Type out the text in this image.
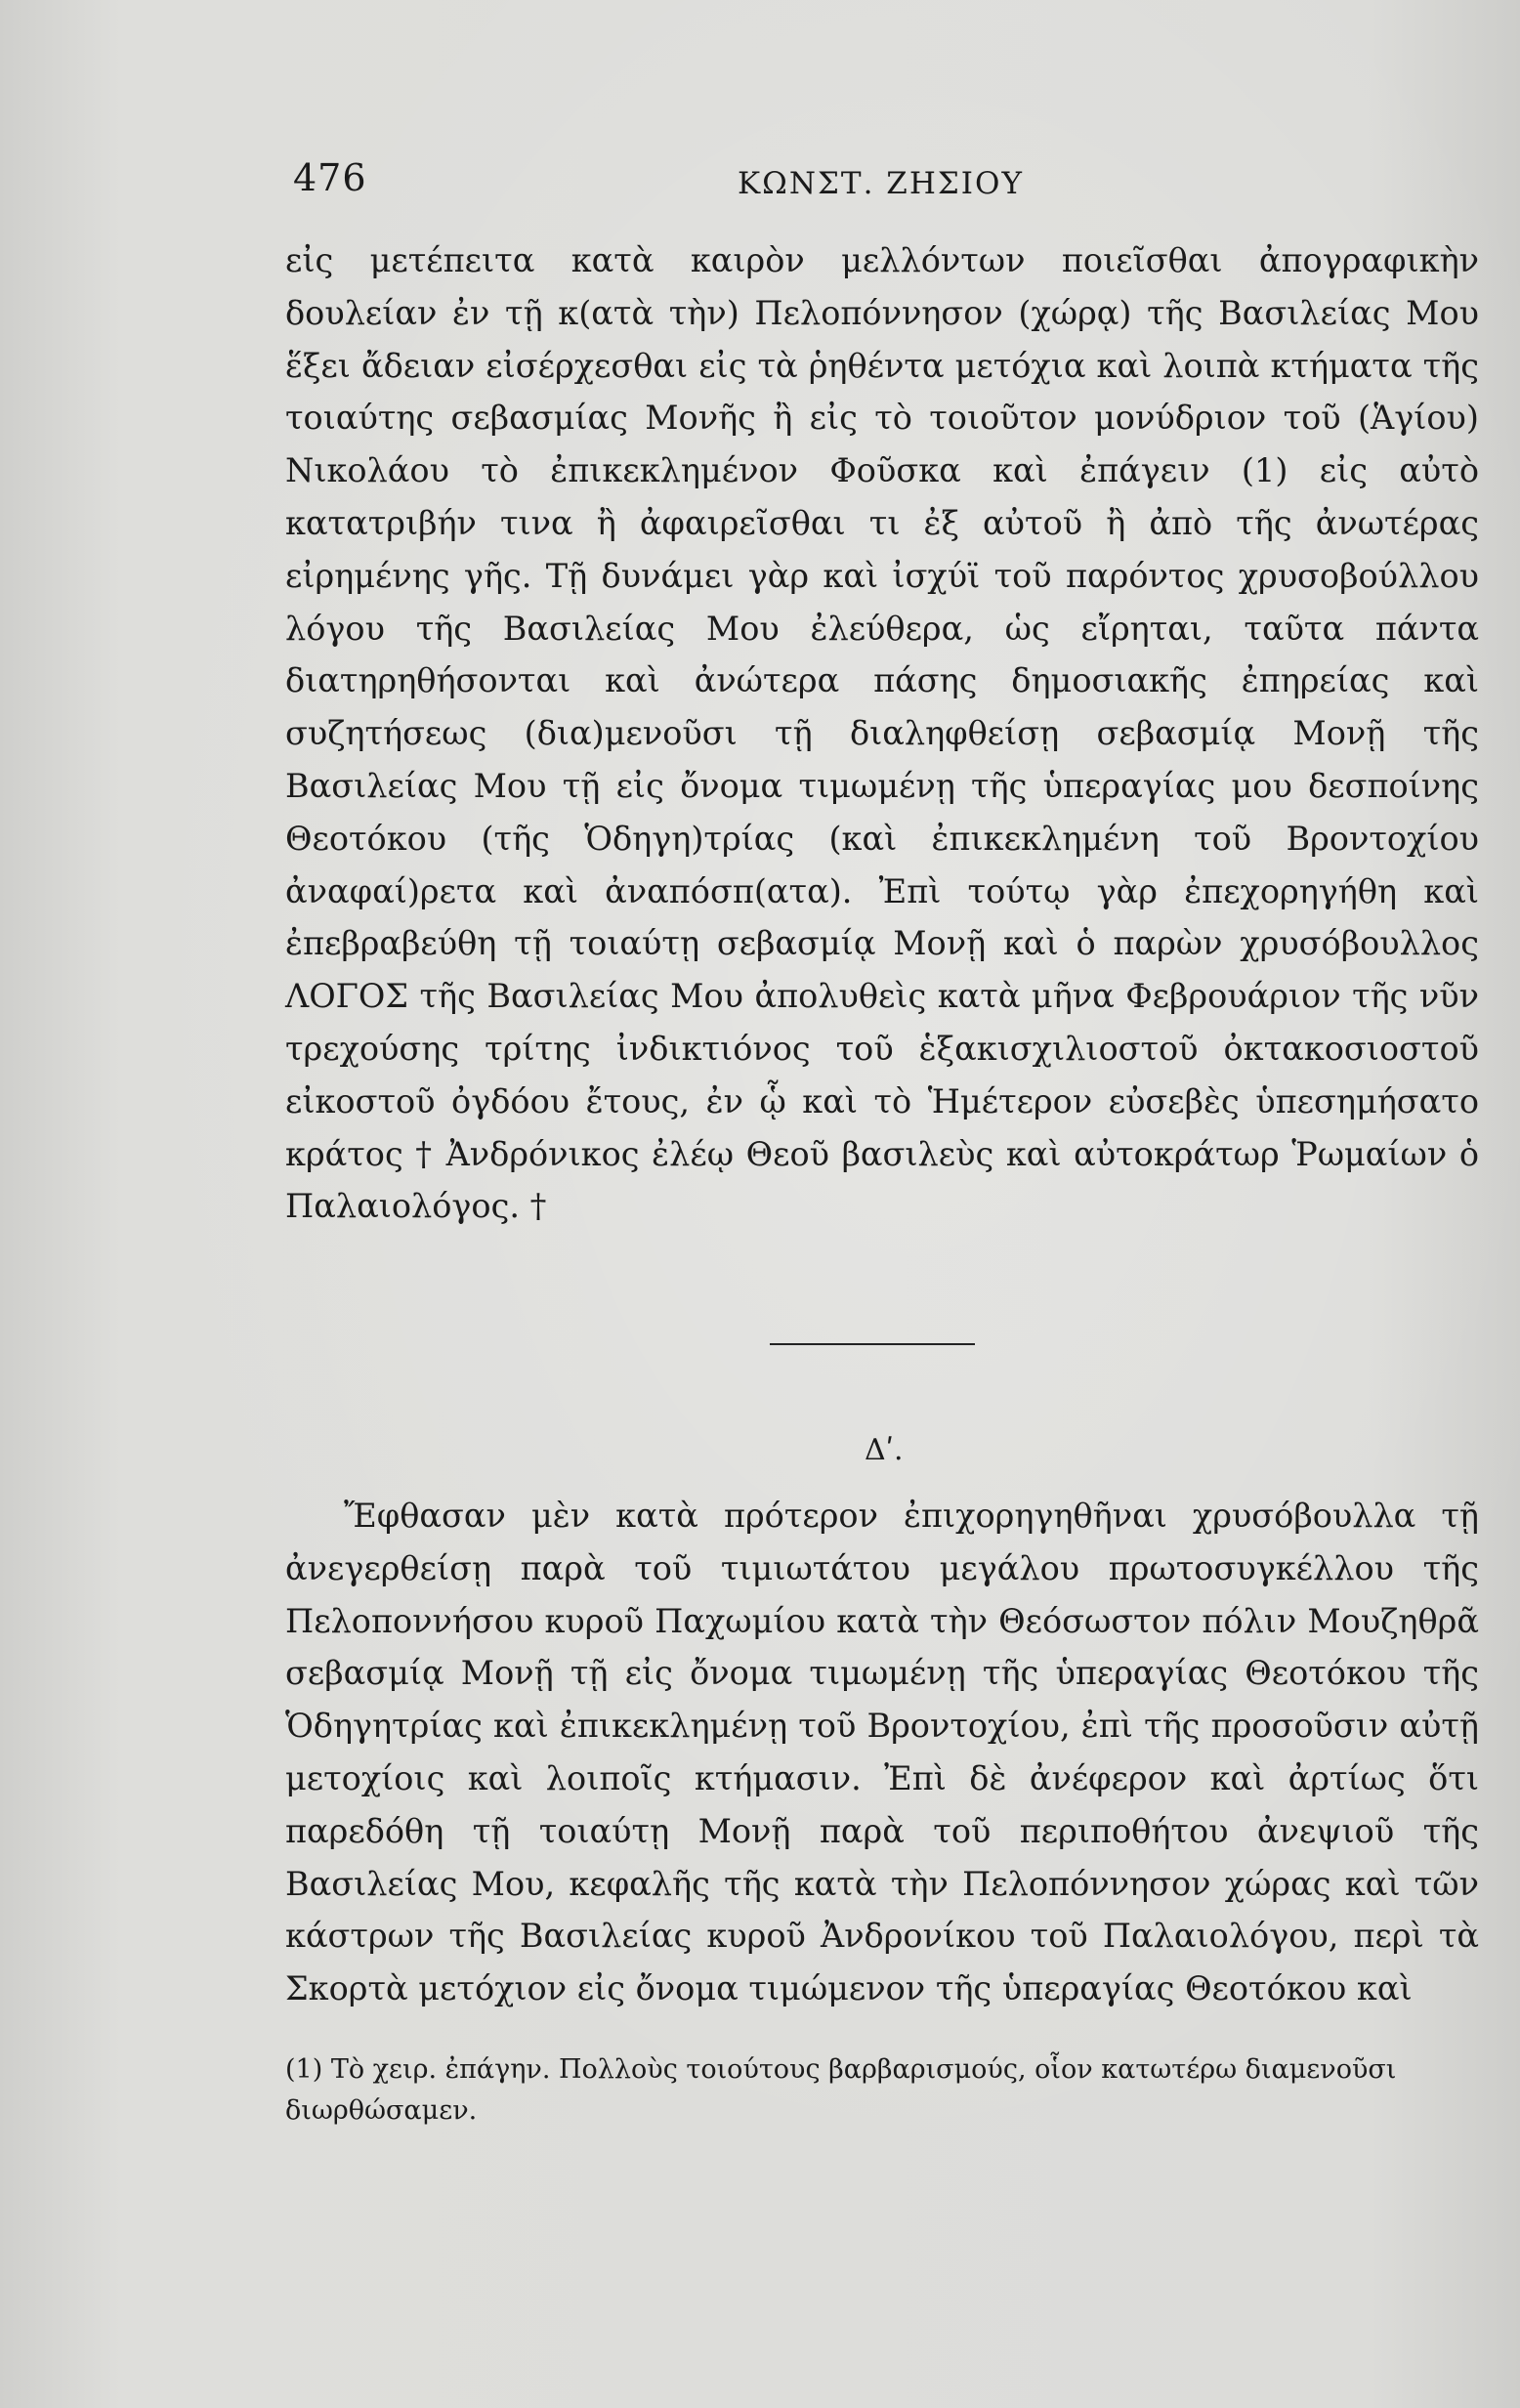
476	ΚΩΝΣΤ. ΖΗΣΙΟΥ

εἰς μετέπειτα κατὰ καιρὸν μελλόντων ποιεῖσθαι ἀπογραφικὴν δουλείαν ἐν τῇ κ(ατὰ τὴν) Πελοπόννησον (χώρᾳ) τῆς Βασιλείας Μου ἕξει ἄδειαν εἰσέρχεσθαι εἰς τὰ ῥηθέντα μετόχια καὶ λοιπὰ κτήματα τῆς τοιαύτης σεβασμίας Μονῆς ἢ εἰς τὸ τοιοῦτον μονύδριον τοῦ (Ἁγίου) Νικολάου τὸ ἐπικεκλημένον Φοῦσκα καὶ ἐπάγειν (1) εἰς αὐτὸ κατατριβήν τινα ἢ ἀφαιρεῖσθαι τι ἐξ αὐτοῦ ἢ ἀπὸ τῆς ἀνωτέρας εἰρημένης γῆς. Τῇ δυνάμει γὰρ καὶ ἰσχύϊ τοῦ παρόντος χρυσοβούλλου λόγου τῆς Βασιλείας Μου ἐλεύθερα, ὡς εἴρηται, ταῦτα πάντα διατηρηθήσονται καὶ ἀνώτερα πάσης δημοσιακῆς ἐπηρείας καὶ συζητήσεως (δια)μενοῦσι τῇ διαληφθείσῃ σεβασμίᾳ Μονῇ τῆς Βασιλείας Μου τῇ εἰς ὄνομα τιμωμένῃ τῆς ὑπεραγίας μου δεσποίνης Θεοτόκου (τῆς Ὁδηγη)τρίας (καὶ ἐπικεκλημένη τοῦ Βροντοχίου ἀναφαί)ρετα καὶ ἀναπόσπ(ατα). Ἐπὶ τούτῳ γὰρ ἐπεχορηγήθη καὶ ἐπεβραβεύθη τῇ τοιαύτῃ σεβασμίᾳ Μονῇ καὶ ὁ παρὼν χρυσόβουλλος ΛΟΓΟΣ τῆς Βασιλείας Μου ἀπολυθεὶς κατὰ μῆνα Φεβρουάριον τῆς νῦν τρεχούσης τρίτης ἰνδικτιόνος τοῦ ἑξακισχιλιοστοῦ ὀκτακοσιοστοῦ εἰκοστοῦ ὀγδόου ἔτους, ἐν ᾧ καὶ τὸ Ἡμέτερον εὐσεβὲς ὑπεσημήσατο κράτος † Ἀνδρόνικος ἐλέῳ Θεοῦ βασιλεὺς καὶ αὐτοκράτωρ Ῥωμαίων ὁ Παλαιολόγος. †

Δʹ.

Ἔφθασαν μὲν κατὰ πρότερον ἐπιχορηγηθῆναι χρυσόβουλλα τῇ ἀνεγερθείσῃ παρὰ τοῦ τιμιωτάτου μεγάλου πρωτοσυγκέλλου τῆς Πελοποννήσου κυροῦ Παχωμίου κατὰ τὴν Θεόσωστον πόλιν Μουζηθρᾶ σεβασμίᾳ Μονῇ τῇ εἰς ὄνομα τιμωμένῃ τῆς ὑπεραγίας Θεοτόκου τῆς Ὁδηγητρίας καὶ ἐπικεκλημένῃ τοῦ Βροντοχίου, ἐπὶ τῆς προσοῦσιν αὐτῇ μετοχίοις καὶ λοιποῖς κτήμασιν. Ἐπὶ δὲ ἀνέφερον καὶ ἀρτίως ὅτι παρεδόθη τῇ τοιαύτῃ Μονῇ παρὰ τοῦ περιποθήτου ἀνεψιοῦ τῆς Βασιλείας Μου, κεφαλῆς τῆς κατὰ τὴν Πελοπόννησον χώρας καὶ τῶν κάστρων τῆς Βασιλείας κυροῦ Ἀνδρονίκου τοῦ Παλαιολόγου, περὶ τὰ Σκορτὰ μετόχιον εἰς ὄνομα τιμώμενον τῆς ὑπεραγίας Θεοτόκου καὶ

(1) Τὸ χειρ. ἐπάγην. Πολλοὺς τοιούτους βαρβαρισμούς, οἷον κατωτέρω διαμενοῦσι διωρθώσαμεν.
